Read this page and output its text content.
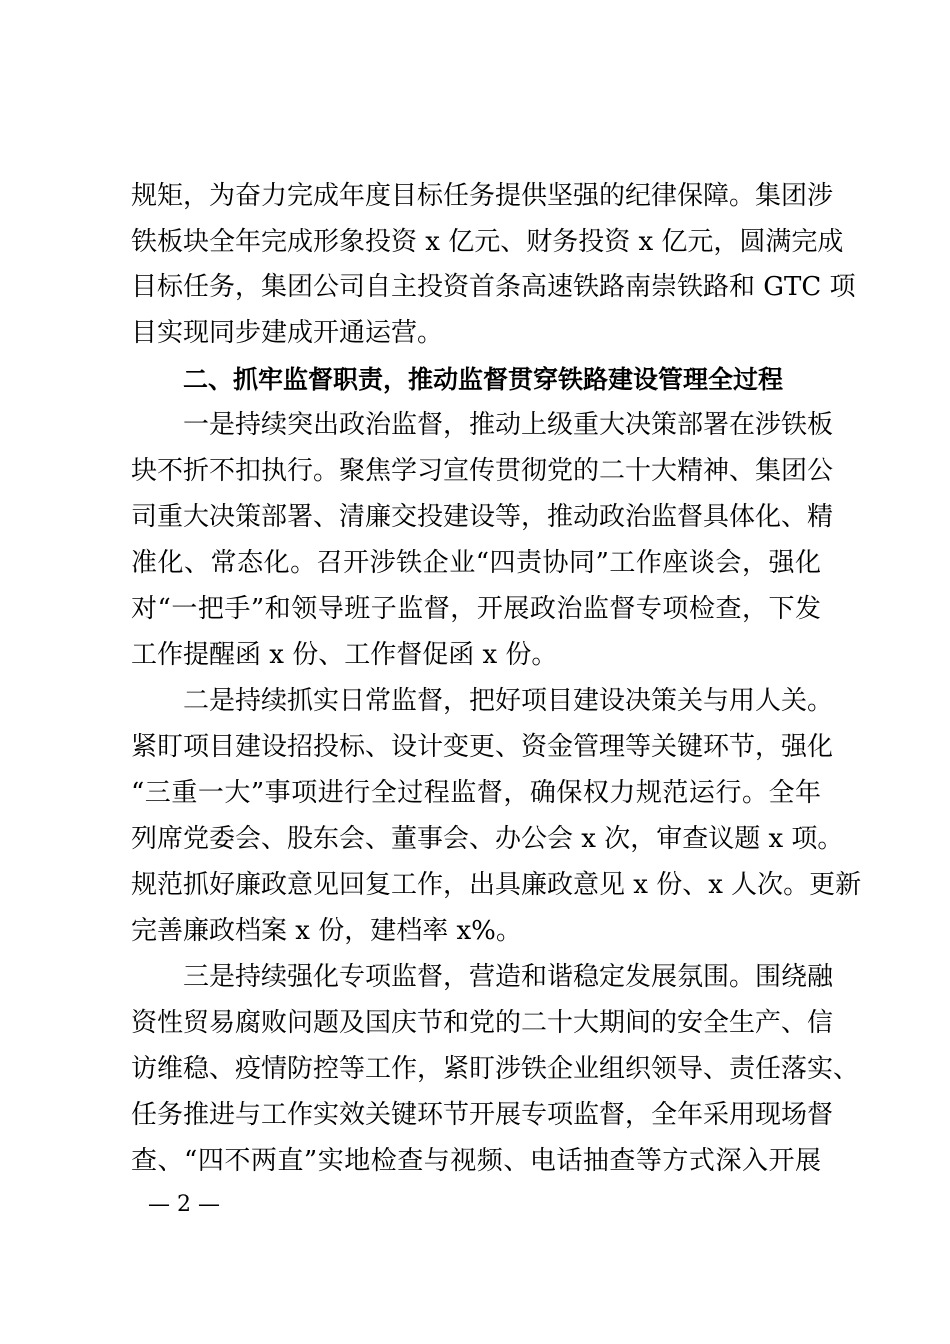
规矩，为奋力完成年度目标任务提供坚强的纪律保障。集团涉
铁板块全年完成形象投资 x 亿元、财务投资 x 亿元，圆满完成
目标任务，集团公司自主投资首条高速铁路南崇铁路和 GTC 项
目实现同步建成开通运营。
二、抓牢监督职责，推动监督贯穿铁路建设管理全过程
一是持续突出政治监督，推动上级重大决策部署在涉铁板
块不折不扣执行。聚焦学习宣传贯彻党的二十大精神、集团公
司重大决策部署、清廉交投建设等，推动政治监督具体化、精
准化、常态化。召开涉铁企业“四责协同”工作座谈会，强化
对“一把手”和领导班子监督，开展政治监督专项检查，下发
工作提醒函 x 份、工作督促函 x 份。
二是持续抓实日常监督，把好项目建设决策关与用人关。
紧盯项目建设招投标、设计变更、资金管理等关键环节，强化
“三重一大”事项进行全过程监督，确保权力规范运行。全年
列席党委会、股东会、董事会、办公会 x 次，审查议题 x 项。
规范抓好廉政意见回复工作，出具廉政意见 x 份、x 人次。更新
完善廉政档案 x 份，建档率 x%。
三是持续强化专项监督，营造和谐稳定发展氛围。围绕融
资性贸易腐败问题及国庆节和党的二十大期间的安全生产、信
访维稳、疫情防控等工作，紧盯涉铁企业组织领导、责任落实、
任务推进与工作实效关键环节开展专项监督，全年采用现场督
查、“四不两直”实地检查与视频、电话抽查等方式深入开展
— 2 —
